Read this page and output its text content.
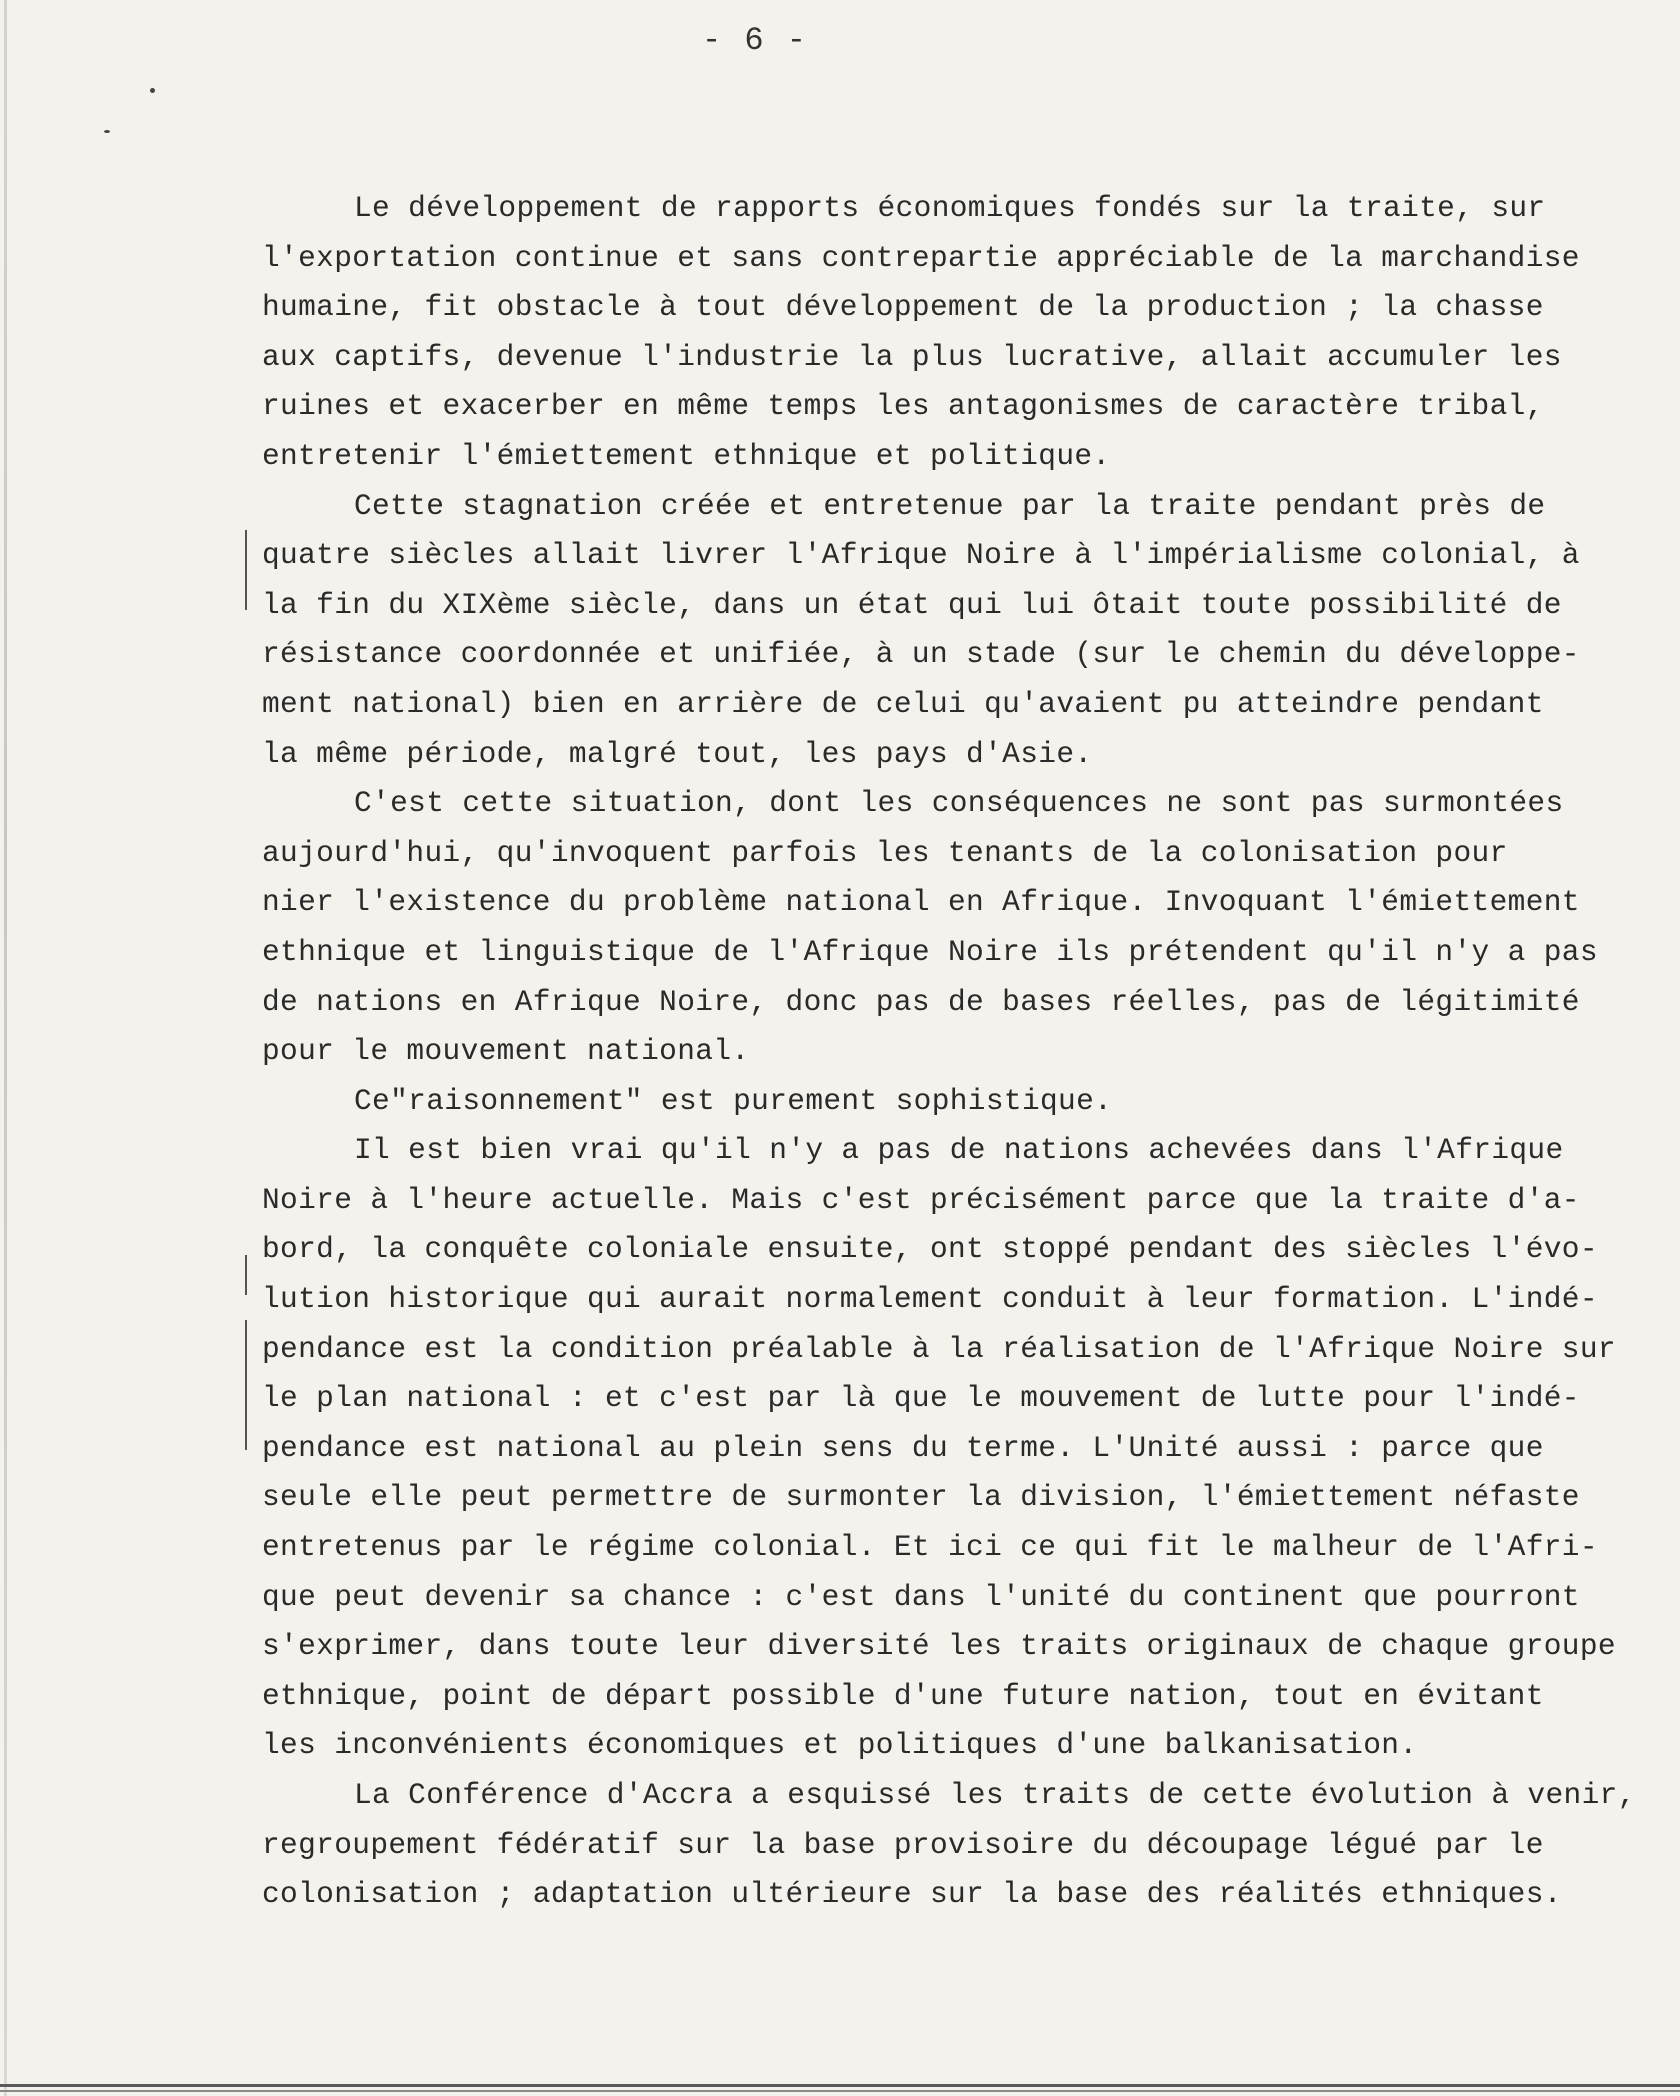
- 6 -
Le développement de rapports économiques fondés sur la traite, sur
l'exportation continue et sans contrepartie appréciable de la marchandise
humaine, fit obstacle à tout développement de la production ; la chasse
aux captifs, devenue l'industrie la plus lucrative, allait accumuler les
ruines et exacerber en même temps les antagonismes de caractère tribal,
entretenir l'émiettement ethnique et politique.
Cette stagnation créée et entretenue par la traite pendant près de
quatre siècles allait livrer l'Afrique Noire à l'impérialisme colonial, à
la fin du XIXème siècle, dans un état qui lui ôtait toute possibilité de
résistance coordonnée et unifiée, à un stade (sur le chemin du développe-
ment national) bien en arrière de celui qu'avaient pu atteindre pendant
la même période, malgré tout, les pays d'Asie.
C'est cette situation, dont les conséquences ne sont pas surmontées
aujourd'hui, qu'invoquent parfois les tenants de la colonisation pour
nier l'existence du problème national en Afrique. Invoquant l'émiettement
ethnique et linguistique de l'Afrique Noire ils prétendent qu'il n'y a pas
de nations en Afrique Noire, donc pas de bases réelles, pas de légitimité
pour le mouvement national.
Ce"raisonnement" est purement sophistique.
Il est bien vrai qu'il n'y a pas de nations achevées dans l'Afrique
Noire à l'heure actuelle. Mais c'est précisément parce que la traite d'a-
bord, la conquête coloniale ensuite, ont stoppé pendant des siècles l'évo-
lution historique qui aurait normalement conduit à leur formation. L'indé-
pendance est la condition préalable à la réalisation de l'Afrique Noire sur
le plan national : et c'est par là que le mouvement de lutte pour l'indé-
pendance est national au plein sens du terme. L'Unité aussi : parce que
seule elle peut permettre de surmonter la division, l'émiettement néfaste
entretenus par le régime colonial. Et ici ce qui fit le malheur de l'Afri-
que peut devenir sa chance : c'est dans l'unité du continent que pourront
s'exprimer, dans toute leur diversité les traits originaux de chaque groupe
ethnique, point de départ possible d'une future nation, tout en évitant
les inconvénients économiques et politiques d'une balkanisation.
La Conférence d'Accra a esquissé les traits de cette évolution à venir,
regroupement fédératif sur la base provisoire du découpage légué par le
colonisation ; adaptation ultérieure sur la base des réalités ethniques.
